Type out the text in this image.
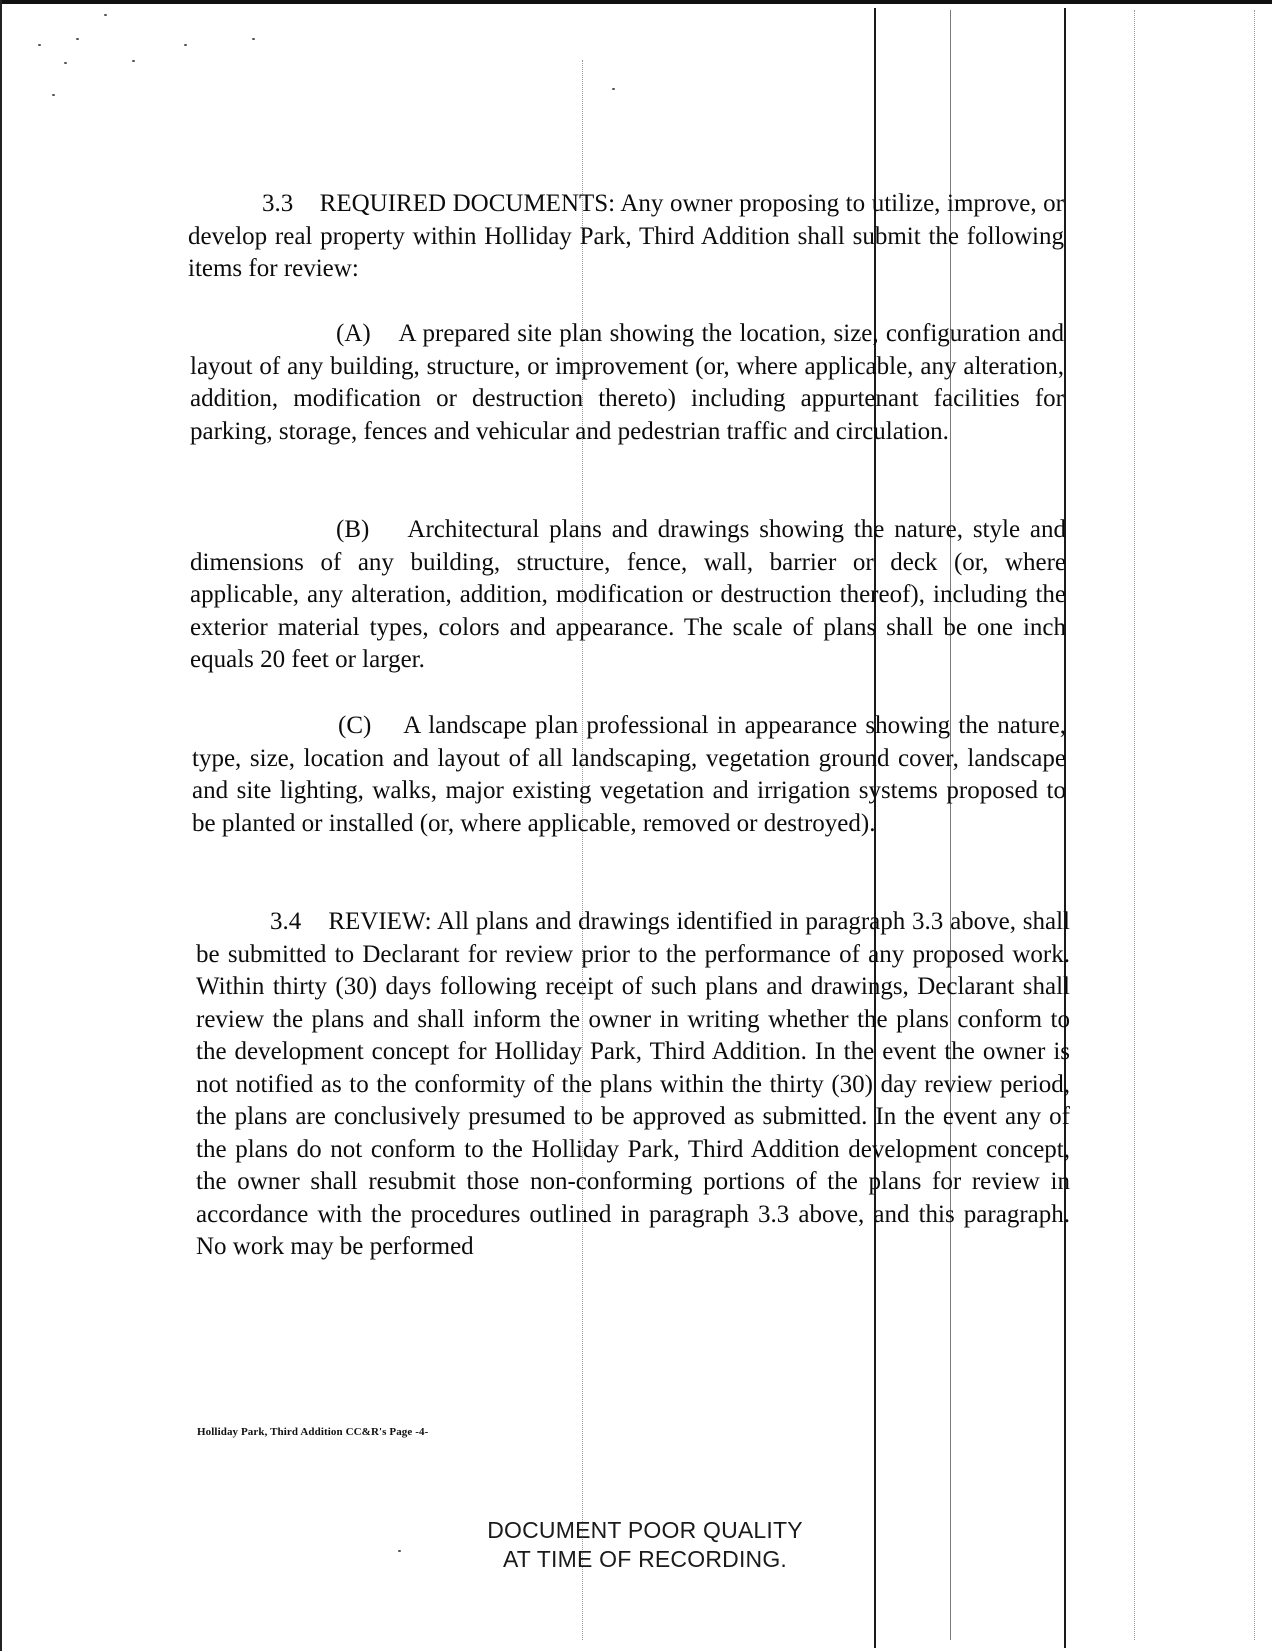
3.3 REQUIRED DOCUMENTS: Any owner proposing to utilize, improve, or develop real property within Holliday Park, Third Addition shall submit the following items for review:

(A) A prepared site plan showing the location, size, configuration and layout of any building, structure, or improvement (or, where applicable, any alteration, addition, modification or destruction thereto) including appurtenant facilities for parking, storage, fences and vehicular and pedestrian traffic and circulation.

(B) Architectural plans and drawings showing the nature, style and dimensions of any building, structure, fence, wall, barrier or deck (or, where applicable, any alteration, addition, modification or destruction thereof), including the exterior material types, colors and appearance. The scale of plans shall be one inch equals 20 feet or larger.

(C) A landscape plan professional in appearance showing the nature, type, size, location and layout of all landscaping, vegetation ground cover, landscape and site lighting, walks, major existing vegetation and irrigation systems proposed to be planted or installed (or, where applicable, removed or destroyed).

3.4 REVIEW: All plans and drawings identified in paragraph 3.3 above, shall be submitted to Declarant for review prior to the performance of any proposed work. Within thirty (30) days following receipt of such plans and drawings, Declarant shall review the plans and shall inform the owner in writing whether the plans conform to the development concept for Holliday Park, Third Addition. In the event the owner is not notified as to the conformity of the plans within the thirty (30) day review period, the plans are conclusively presumed to be approved as submitted. In the event any of the plans do not conform to the Holliday Park, Third Addition development concept, the owner shall resubmit those non-conforming portions of the plans for review in accordance with the procedures outlined in paragraph 3.3 above, and this paragraph. No work may be performed

Holliday Park, Third Addition CC&R's Page -4-
DOCUMENT POOR QUALITY
AT TIME OF RECORDING.
